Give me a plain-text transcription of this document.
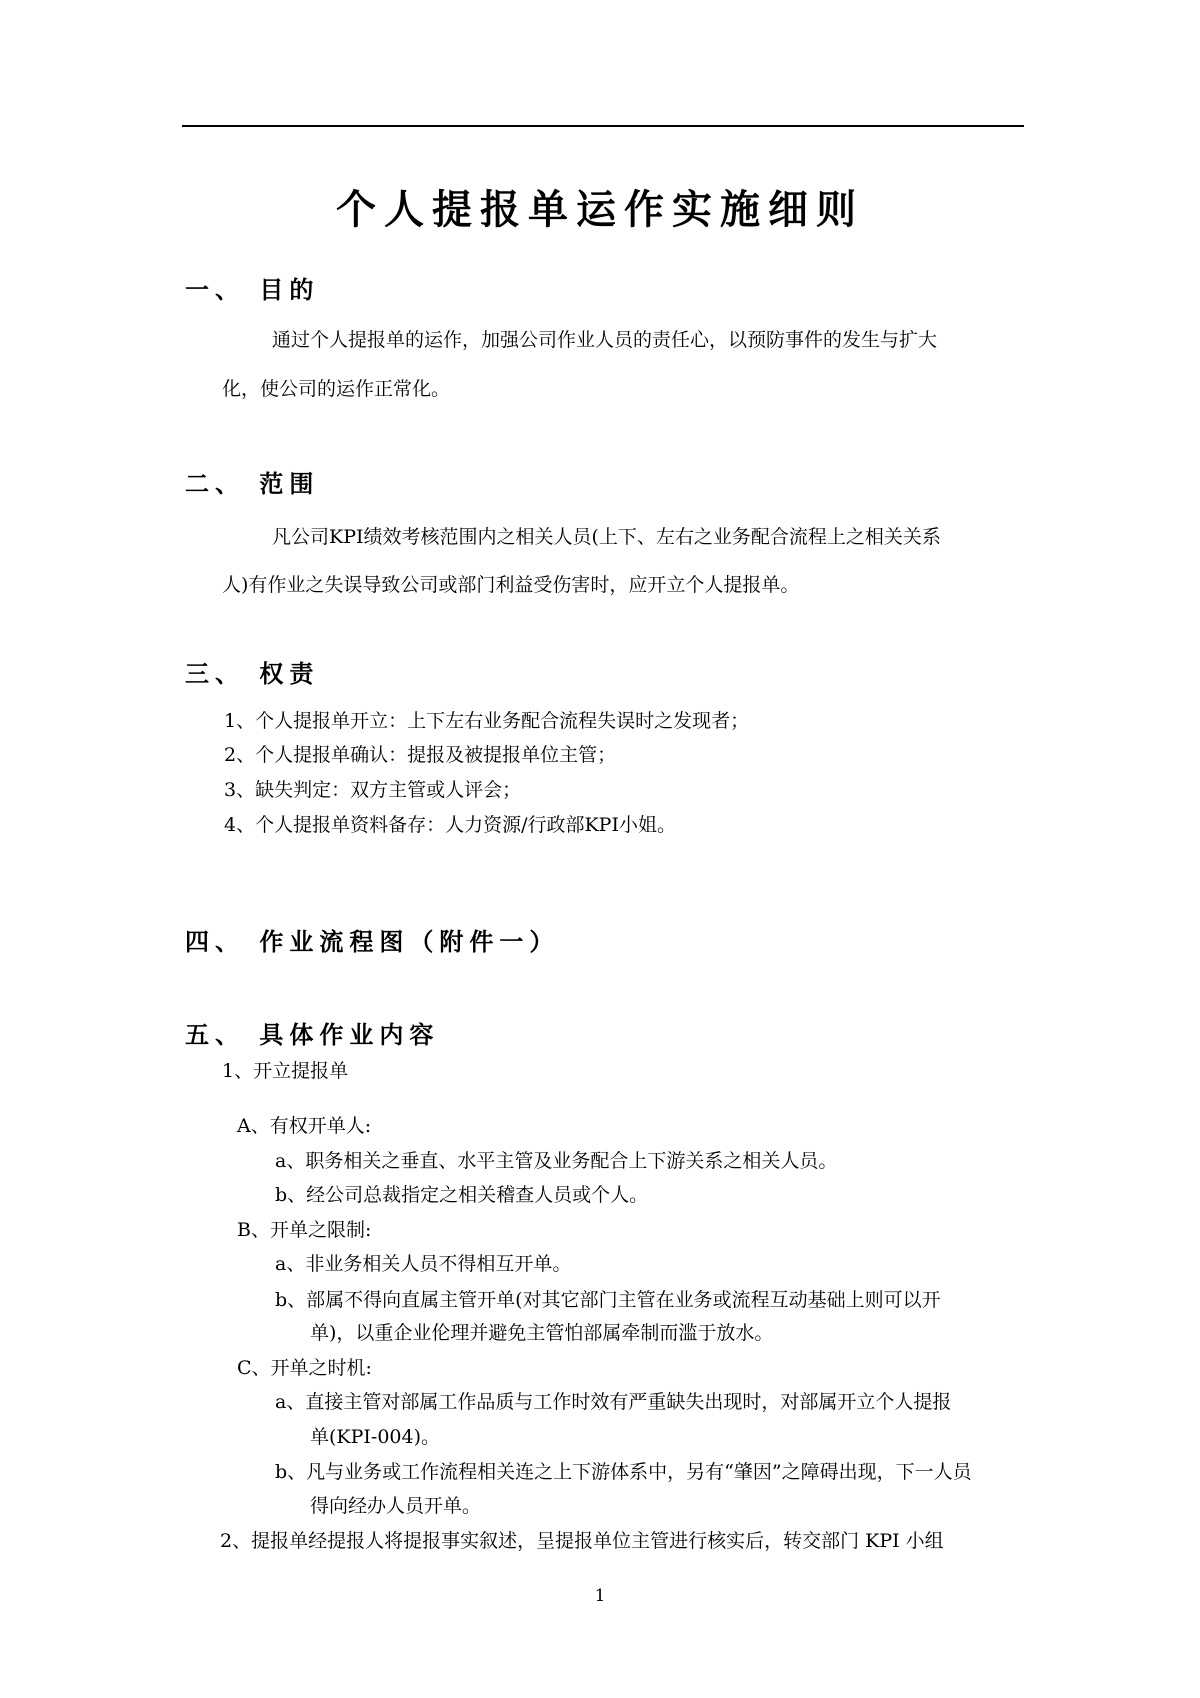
个人提报单运作实施细则
一、 目的
通过个人提报单的运作，加强公司作业人员的责任心，以预防事件的发生与扩大
化，使公司的运作正常化。
二、 范围
凡公司KPI绩效考核范围内之相关人员(上下、左右之业务配合流程上之相关关系
人)有作业之失误导致公司或部门利益受伤害时，应开立个人提报单。
三、 权责
1、个人提报单开立：上下左右业务配合流程失误时之发现者；
2、个人提报单确认：提报及被提报单位主管；
3、缺失判定：双方主管或人评会；
4、个人提报单资料备存：人力资源/行政部KPI小姐。
四、 作业流程图（附件一）
五、 具体作业内容
1、开立提报单
A、有权开单人:
a、职务相关之垂直、水平主管及业务配合上下游关系之相关人员。
b、经公司总裁指定之相关稽查人员或个人。
B、开单之限制:
a、非业务相关人员不得相互开单。
b、部属不得向直属主管开单(对其它部门主管在业务或流程互动基础上则可以开
单)，以重企业伦理并避免主管怕部属牵制而滥于放水。
C、开单之时机:
a、直接主管对部属工作品质与工作时效有严重缺失出现时，对部属开立个人提报
单(KPI-004)。
b、凡与业务或工作流程相关连之上下游体系中，另有“肇因”之障碍出现，下一人员
得向经办人员开单。
2、提报单经提报人将提报事实叙述，呈提报单位主管进行核实后，转交部门 KPI 小组
1
